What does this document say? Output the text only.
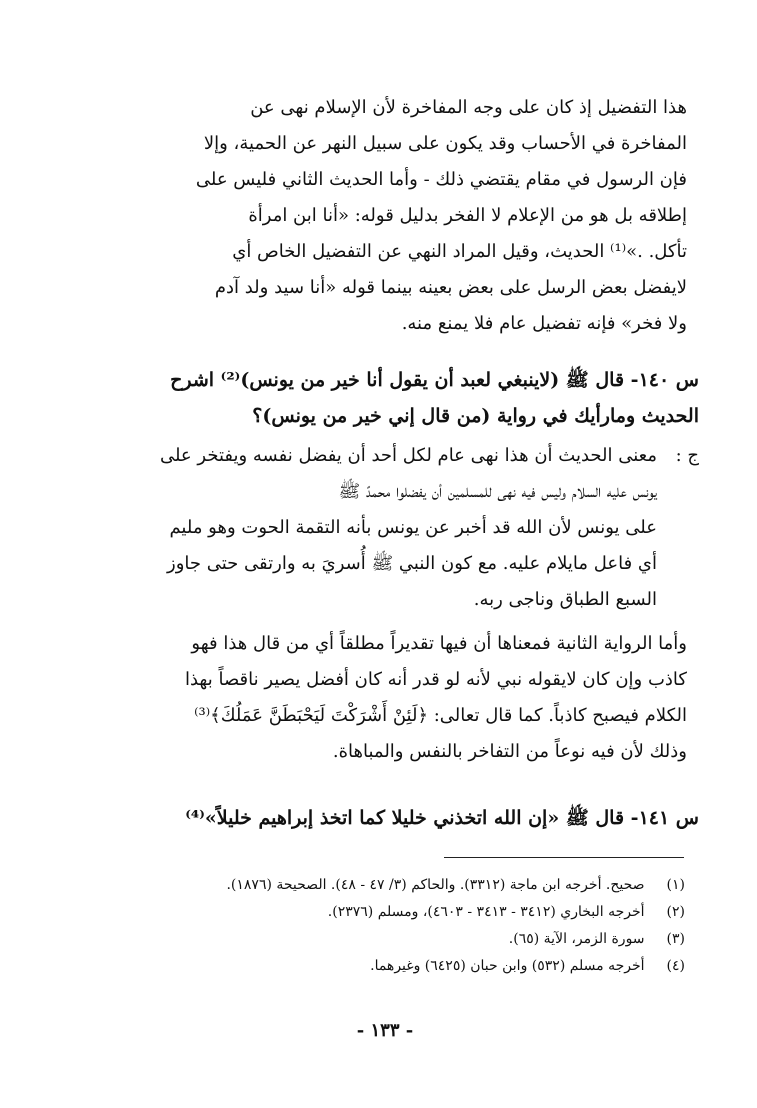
هذا التفضيل إذ كان على وجه المفاخرة لأن الإسلام نهى عن
المفاخرة في الأحساب وقد يكون على سبيل النهر عن الحمية، وإلا
فإن الرسول في مقام يقتضي ذلك - وأما الحديث الثاني فليس على
إطلاقه بل هو من الإعلام لا الفخر بدليل قوله: «أنا ابن امرأة
تأكل. .»⁽¹⁾ الحديث، وقيل المراد النهي عن التفضيل الخاص أي
لايفضل بعض الرسل على بعض بعينه بينما قوله «أنا سيد ولد آدم
ولا فخر» فإنه تفضيل عام فلا يمنع منه.
س ١٤٠- قال ﷺ (لاينبغي لعبد أن يقول أنا خير من يونس)⁽²⁾ اشرح
الحديث ومارأيك في رواية (من قال إني خير من يونس)؟
ج :
معنى الحديث أن هذا نهى عام لكل أحد أن يفضل نفسه ويفتخر على
يونس عليه السلام وليس فيه نهى للمسلمين أن يفضلوا محمدً ﷺ
على يونس لأن الله قد أخبر عن يونس بأنه التقمة الحوت وهو مليم
أي فاعل مايلام عليه. مع كون النبي ﷺ أُسريَ به وارتقى حتى جاوز
السبع الطباق وناجى ربه.
وأما الرواية الثانية فمعناها أن فيها تقديراً مطلقاً أي من قال هذا فهو
كاذب وإن كان لايقوله نبي لأنه لو قدر أنه كان أفضل يصير ناقصاً بهذا
الكلام فيصبح كاذباً. كما قال تعالى: ﴿لَئِنْ أَشْرَكْتَ لَيَحْبَطَنَّ عَمَلُكَ﴾⁽³⁾
وذلك لأن فيه نوعاً من التفاخر بالنفس والمباهاة.
س ١٤١- قال ﷺ «إن الله اتخذني خليلا كما اتخذ إبراهيم خليلاً»⁽⁴⁾
(١) صحيح. أخرجه ابن ماجة (٣٣١٢). والحاكم (٣/ ٤٧ - ٤٨). الصحيحة (١٨٧٦).
(٢) أخرجه البخاري (٣٤١٢ - ٣٤١٣ - ٤٦٠٣)، ومسلم (٢٣٧٦).
(٣) سورة الزمر، الآية (٦٥).
(٤) أخرجه مسلم (٥٣٢) وابن حبان (٦٤٢٥) وغيرهما.
- ١٣٣ -
